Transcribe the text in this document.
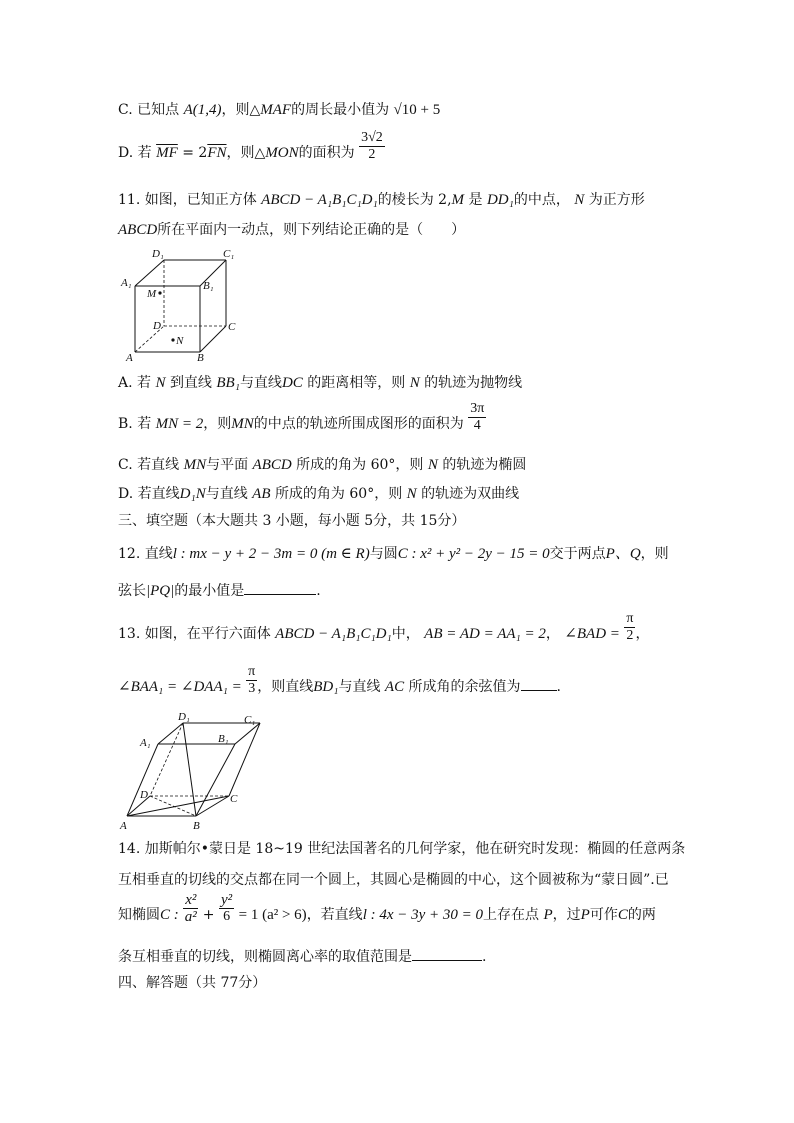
C. 已知点 A(1,4)，则△MAF的周长最小值为 √10 + 5
D. 若 $\overline{MF} = 2\overline{FN}$，则△MON的面积为 $\frac{3√2}{2}$
11. 如图，已知正方体 ABCD − A₁B₁C₁D₁的棱长为 2,M 是 DD₁的中点， N 为正方形
ABCD所在平面内一动点，则下列结论正确的是（　　）
D₁	C₁
A₁	B₁
M
D	C
N
A	B
A. 若 N 到直线 BB₁与直线DC 的距离相等，则 N 的轨迹为抛物线
B. 若 MN = 2，则MN的中点的轨迹所围成图形的面积为 $\frac{3\pi}{4}$
C. 若直线 MN与平面 ABCD 所成的角为 60°，则 N 的轨迹为椭圆
D. 若直线D₁N与直线 AB 所成的角为 60°，则 N 的轨迹为双曲线
三、填空题（本大题共 3 小题，每小题 5分，共 15分）
12. 直线l : mx − y + 2 − 3m = 0 (m ∈ R)与圆C : x² + y² − 2y − 15 = 0交于两点P、Q，则
弦长|PQ|的最小值是	.
13. 如图，在平行六面体 ABCD − A₁B₁C₁D₁中， AB = AD = AA₁ = 2， ∠BAD = $\frac{\pi}{2}$ ，
∠BAA₁ = ∠DAA₁ = $\frac{\pi}{3}$ ，则直线BD₁与直线 AC 所成角的余弦值为	.
D₁	C₁
A₁	B₁
D	C
A	B
14. 加斯帕尔•蒙日是 18~19 世纪法国著名的几何学家，他在研究时发现：椭圆的任意两条
互相垂直的切线的交点都在同一个圆上，其圆心是椭圆的中心，这个圆被称为“蒙日圆”.已
知椭圆C : $\frac{\text{x²}}{\text{a²}} + \frac{\text{y²}}{6} = 1$ (a² > 6)，若直线l : 4x − 3y + 30 = 0上存在点 P，过P可作C的两
条互相垂直的切线，则椭圆离心率的取值范围是	.
四、解答题（共 77分）
